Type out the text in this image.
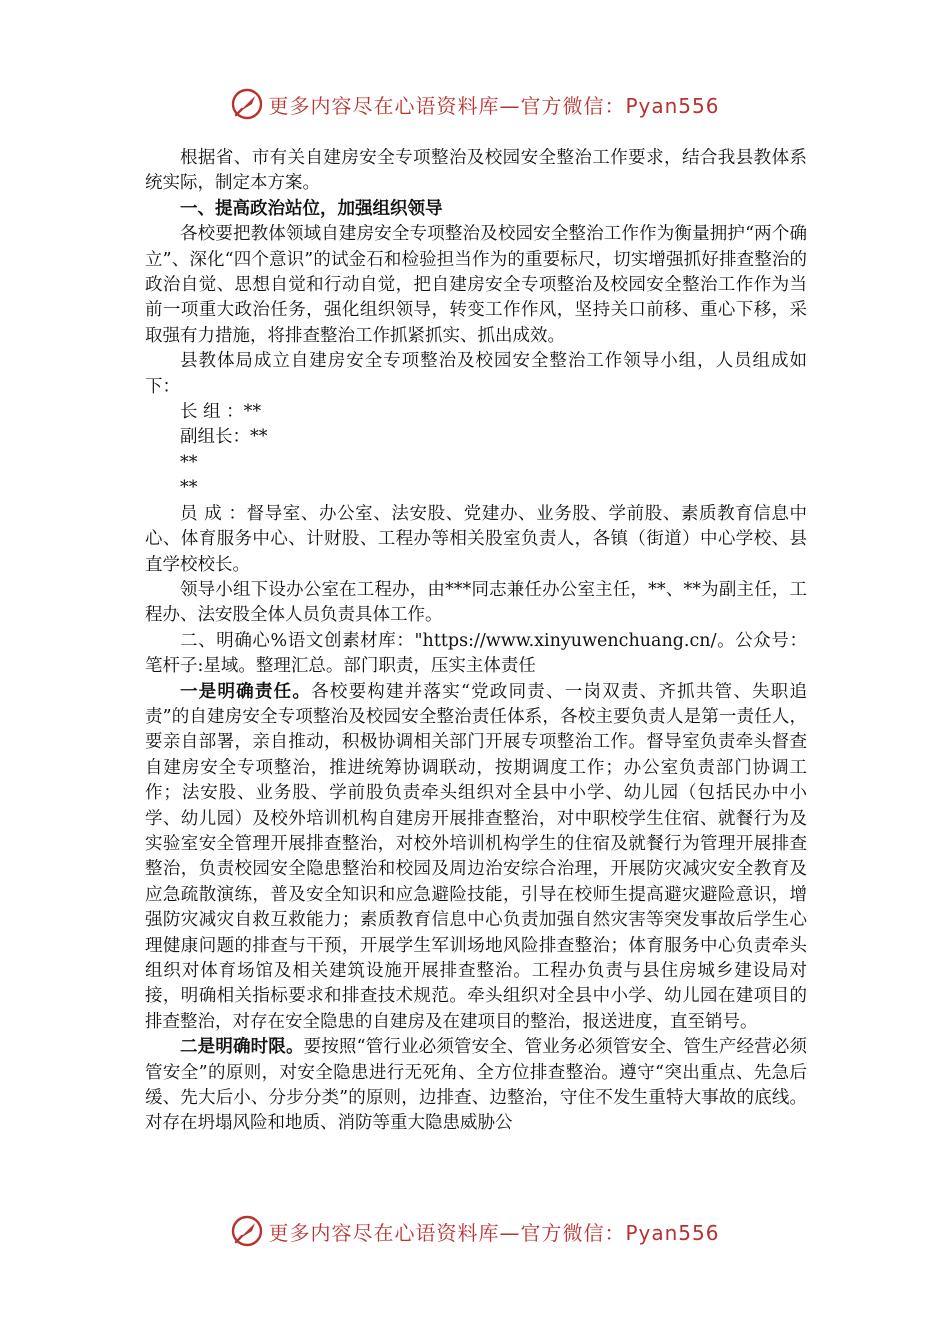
更多内容尽在心语资料库—官方微信：Pyan556

根据省、市有关自建房安全专项整治及校园安全整治工作要求，结合我县教体系统实际，制定本方案。

一、提高政治站位，加强组织领导

各校要把教体领域自建房安全专项整治及校园安全整治工作作为衡量拥护“两个确立”、深化“四个意识”的试金石和检验担当作为的重要标尺，切实增强抓好排查整治的政治自觉、思想自觉和行动自觉，把自建房安全专项整治及校园安全整治工作作为当前一项重大政治任务，强化组织领导，转变工作作风，坚持关口前移、重心下移，采取强有力措施，将排查整治工作抓紧抓实、抓出成效。

县教体局成立自建房安全专项整治及校园安全整治工作领导小组，人员组成如下：

长 组 ：**

副组长：**

**

**

员 成 ：督导室、办公室、法安股、党建办、业务股、学前股、素质教育信息中心、体育服务中心、计财股、工程办等相关股室负责人，各镇（街道）中心学校、县直学校校长。

领导小组下设办公室在工程办，由***同志兼任办公室主任，**、**为副主任，工程办、法安股全体人员负责具体工作。

二、明确心%语文创素材库："https://www.xinyuwenchuang.cn/。公众号：笔杆子:星域。整理汇总。部门职责，压实主体责任

一是明确责任。各校要构建并落实“党政同责、一岗双责、齐抓共管、失职追责”的自建房安全专项整治及校园安全整治责任体系，各校主要负责人是第一责任人，要亲自部署，亲自推动，积极协调相关部门开展专项整治工作。督导室负责牵头督查自建房安全专项整治，推进统筹协调联动，按期调度工作；办公室负责部门协调工作；法安股、业务股、学前股负责牵头组织对全县中小学、幼儿园（包括民办中小学、幼儿园）及校外培训机构自建房开展排查整治，对中职校学生住宿、就餐行为及实验室安全管理开展排查整治，对校外培训机构学生的住宿及就餐行为管理开展排查整治，负责校园安全隐患整治和校园及周边治安综合治理，开展防灾减灾安全教育及应急疏散演练，普及安全知识和应急避险技能，引导在校师生提高避灾避险意识，增强防灾减灾自救互救能力；素质教育信息中心负责加强自然灾害等突发事故后学生心理健康问题的排查与干预，开展学生军训场地风险排查整治；体育服务中心负责牵头组织对体育场馆及相关建筑设施开展排查整治。工程办负责与县住房城乡建设局对接，明确相关指标要求和排查技术规范。牵头组织对全县中小学、幼儿园在建项目的排查整治，对存在安全隐患的自建房及在建项目的整治，报送进度，直至销号。

二是明确时限。要按照“管行业必须管安全、管业务必须管安全、管生产经营必须管安全”的原则，对安全隐患进行无死角、全方位排查整治。遵守“突出重点、先急后缓、先大后小、分步分类”的原则，边排查、边整治，守住不发生重特大事故的底线。对存在坍塌风险和地质、消防等重大隐患威胁公

更多内容尽在心语资料库—官方微信：Pyan556
